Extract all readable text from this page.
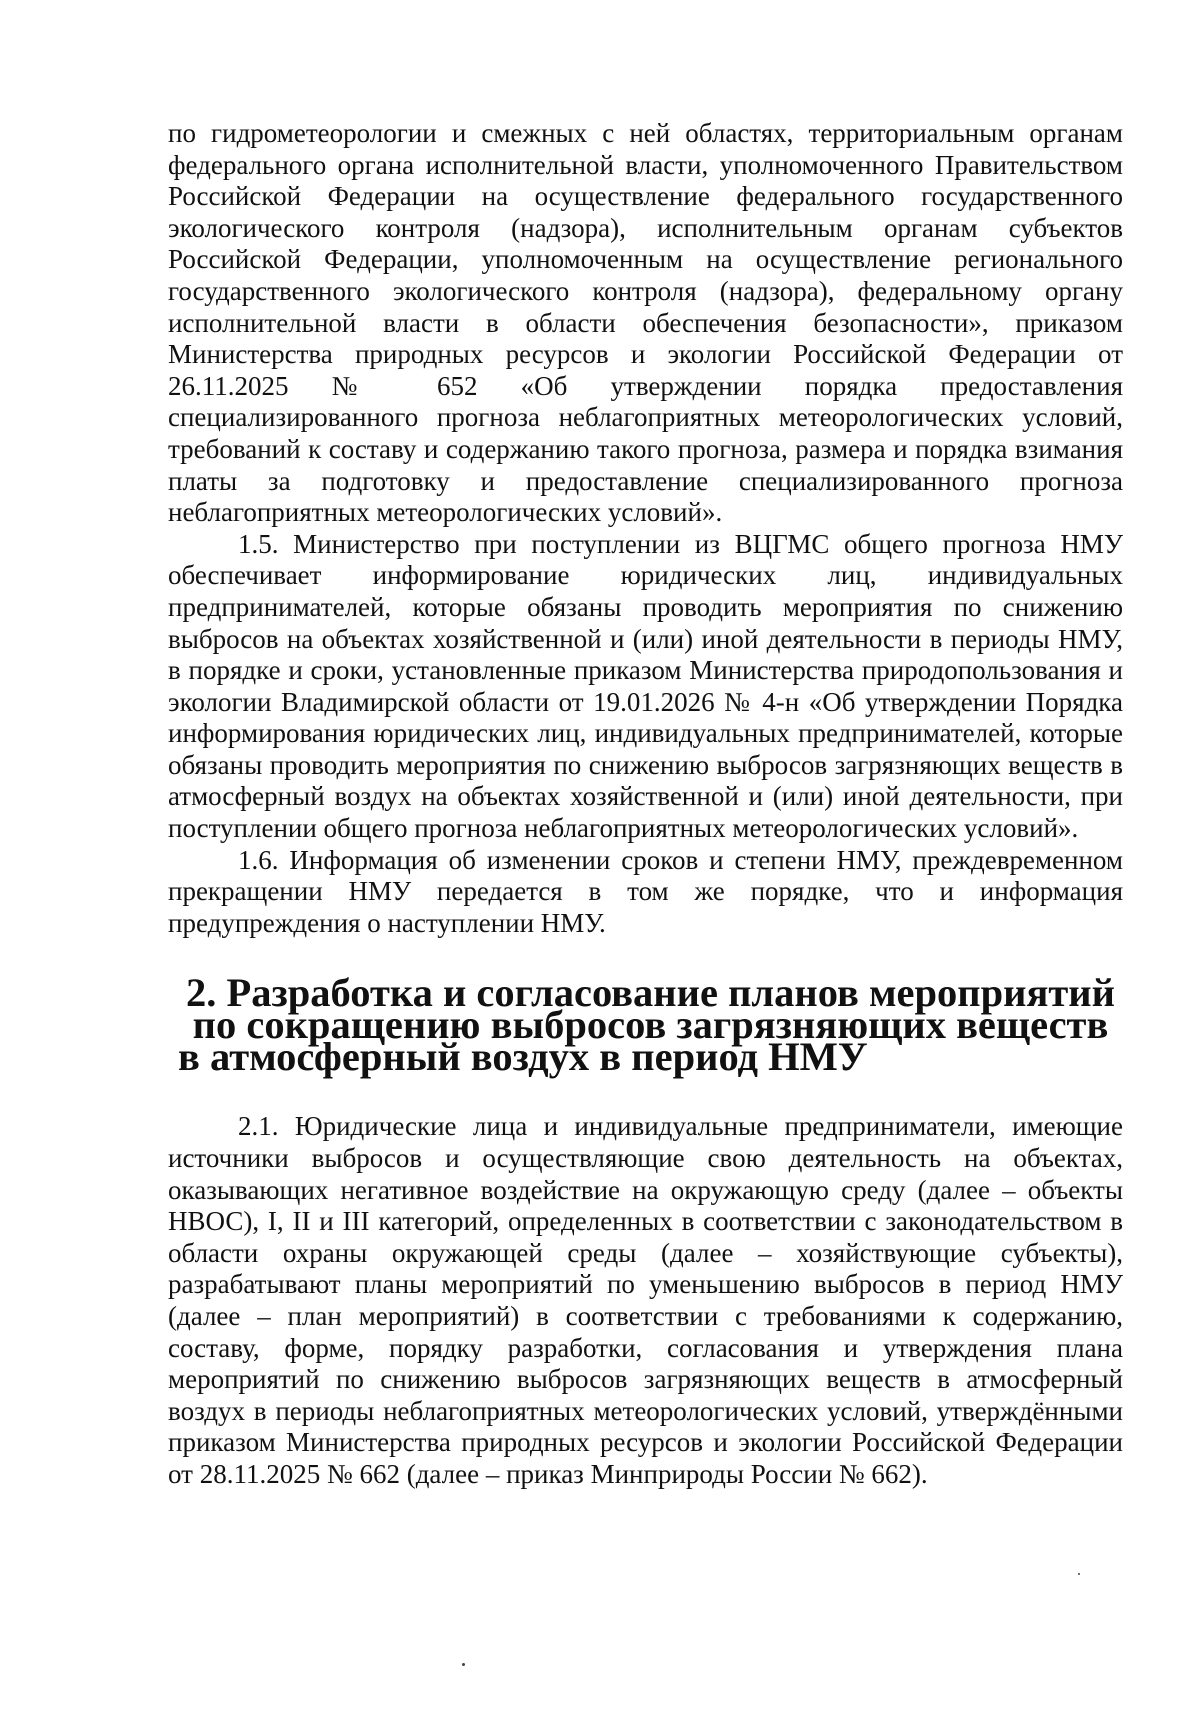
по гидрометеорологии и смежных с ней областях, территориальным органам федерального органа исполнительной власти, уполномоченного Правительством Российской Федерации на осуществление федерального государственного экологического контроля (надзора), исполнительным органам субъектов Российской Федерации, уполномоченным на осуществление регионального государственного экологического контроля (надзора), федеральному органу исполнительной власти в области обеспечения безопасности», приказом Министерства природных ресурсов и экологии Российской Федерации от 26.11.2025 № 652 «Об утверждении порядка предоставления специализированного прогноза неблагоприятных метеорологических условий, требований к составу и содержанию такого прогноза, размера и порядка взимания платы за подготовку и предоставление специализированного прогноза неблагоприятных метеорологических условий».

1.5. Министерство при поступлении из ВЦГМС общего прогноза НМУ обеспечивает информирование юридических лиц, индивидуальных предпринимателей, которые обязаны проводить мероприятия по снижению выбросов на объектах хозяйственной и (или) иной деятельности в периоды НМУ, в порядке и сроки, установленные приказом Министерства природопользования и экологии Владимирской области от 19.01.2026 № 4-н «Об утверждении Порядка информирования юридических лиц, индивидуальных предпринимателей, которые обязаны проводить мероприятия по снижению выбросов загрязняющих веществ в атмосферный воздух на объектах хозяйственной и (или) иной деятельности, при поступлении общего прогноза неблагоприятных метеорологических условий».

1.6. Информация об изменении сроков и степени НМУ, преждевременном прекращении НМУ передается в том же порядке, что и информация предупреждения о наступлении НМУ.

2. Разработка и согласование планов мероприятий по сокращению выбросов загрязняющих веществ в атмосферный воздух в период НМУ

2.1. Юридические лица и индивидуальные предприниматели, имеющие источники выбросов и осуществляющие свою деятельность на объектах, оказывающих негативное воздействие на окружающую среду (далее – объекты НВОС), I, II и III категорий, определенных в соответствии с законодательством в области охраны окружающей среды (далее – хозяйствующие субъекты), разрабатывают планы мероприятий по уменьшению выбросов в период НМУ (далее – план мероприятий) в соответствии с требованиями к содержанию, составу, форме, порядку разработки, согласования и утверждения плана мероприятий по снижению выбросов загрязняющих веществ в атмосферный воздух в периоды неблагоприятных метеорологических условий, утверждёнными приказом Министерства природных ресурсов и экологии Российской Федерации от 28.11.2025 № 662 (далее – приказ Минприроды России № 662).
